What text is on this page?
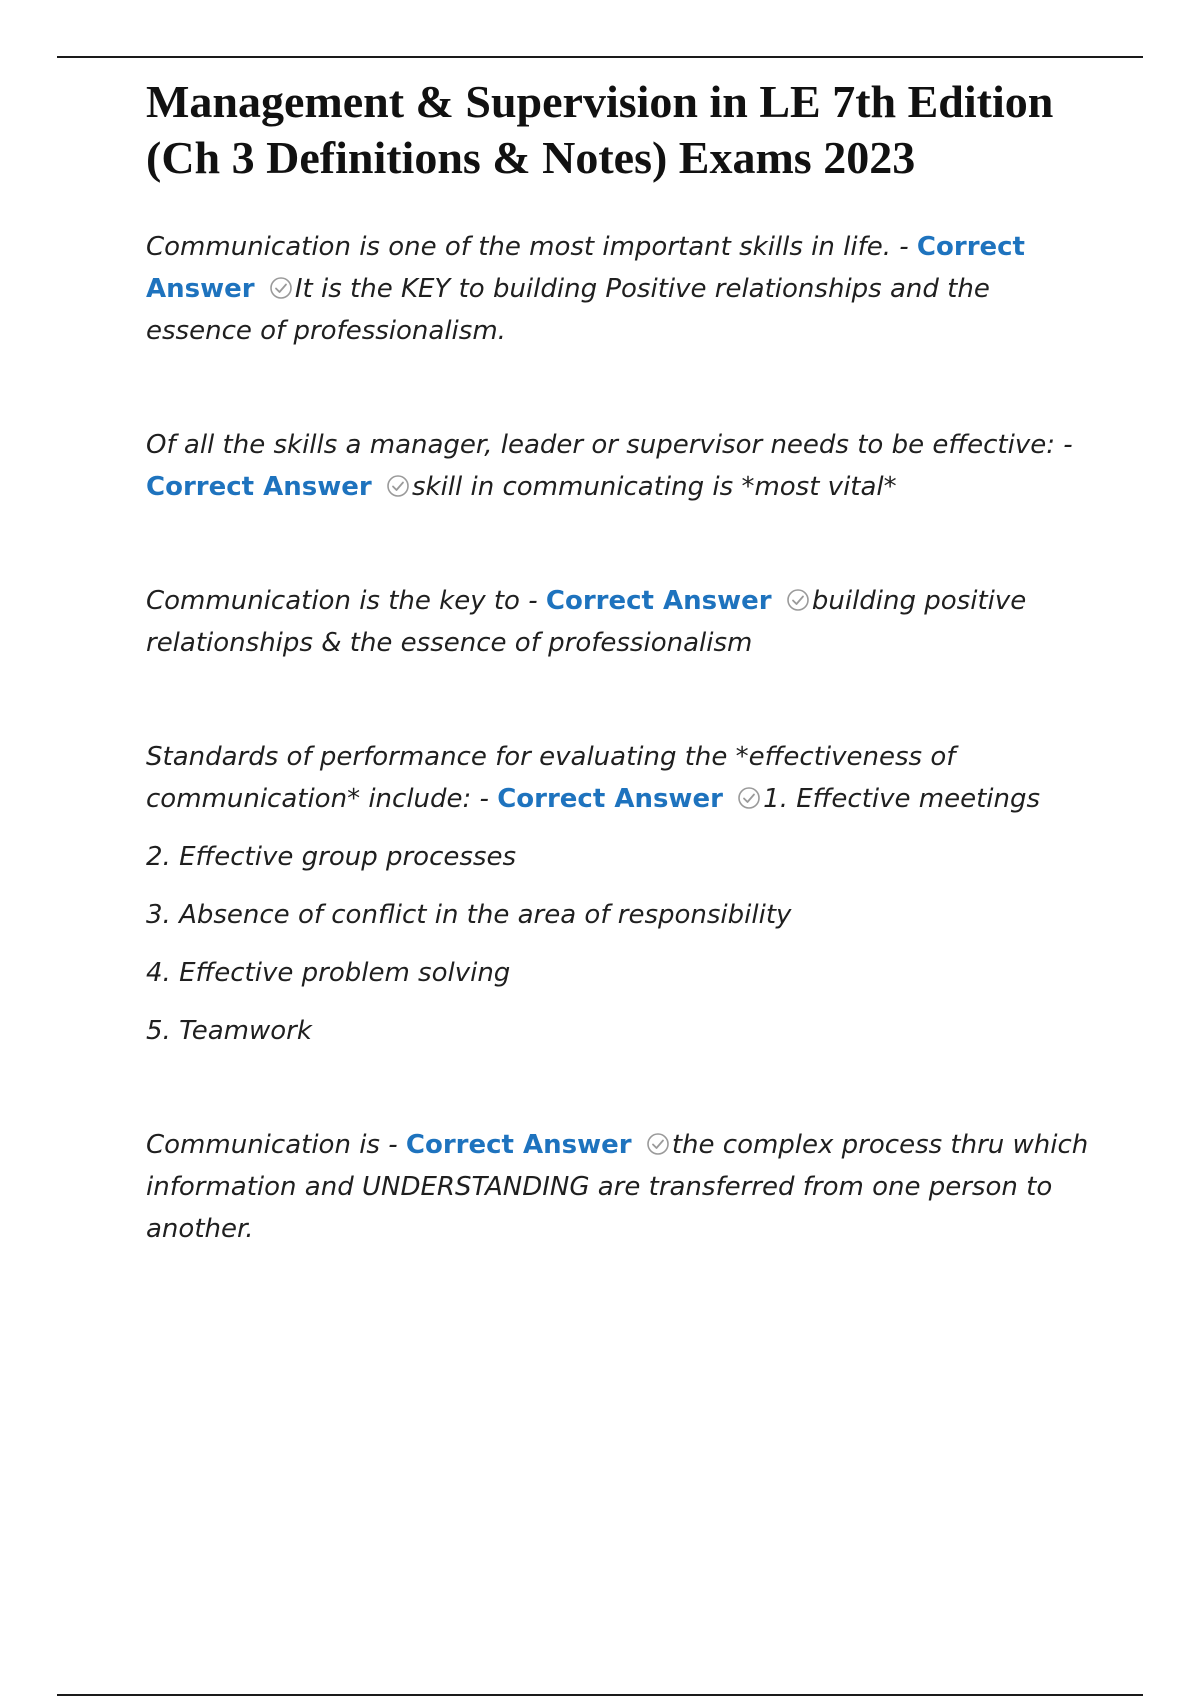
Management & Supervision in LE 7th Edition (Ch 3 Definitions & Notes) Exams 2023

Communication is one of the most important skills in life. - Correct Answer It is the KEY to building Positive relationships and the essence of professionalism.

Of all the skills a manager, leader or supervisor needs to be effective: - Correct Answer skill in communicating is *most vital*

Communication is the key to - Correct Answer building positive relationships & the essence of professionalism

Standards of performance for evaluating the *effectiveness of communication* include: - Correct Answer 1. Effective meetings

2. Effective group processes

3. Absence of conflict in the area of responsibility

4. Effective problem solving

5. Teamwork

Communication is - Correct Answer the complex process thru which information and UNDERSTANDING are transferred from one person to another.
